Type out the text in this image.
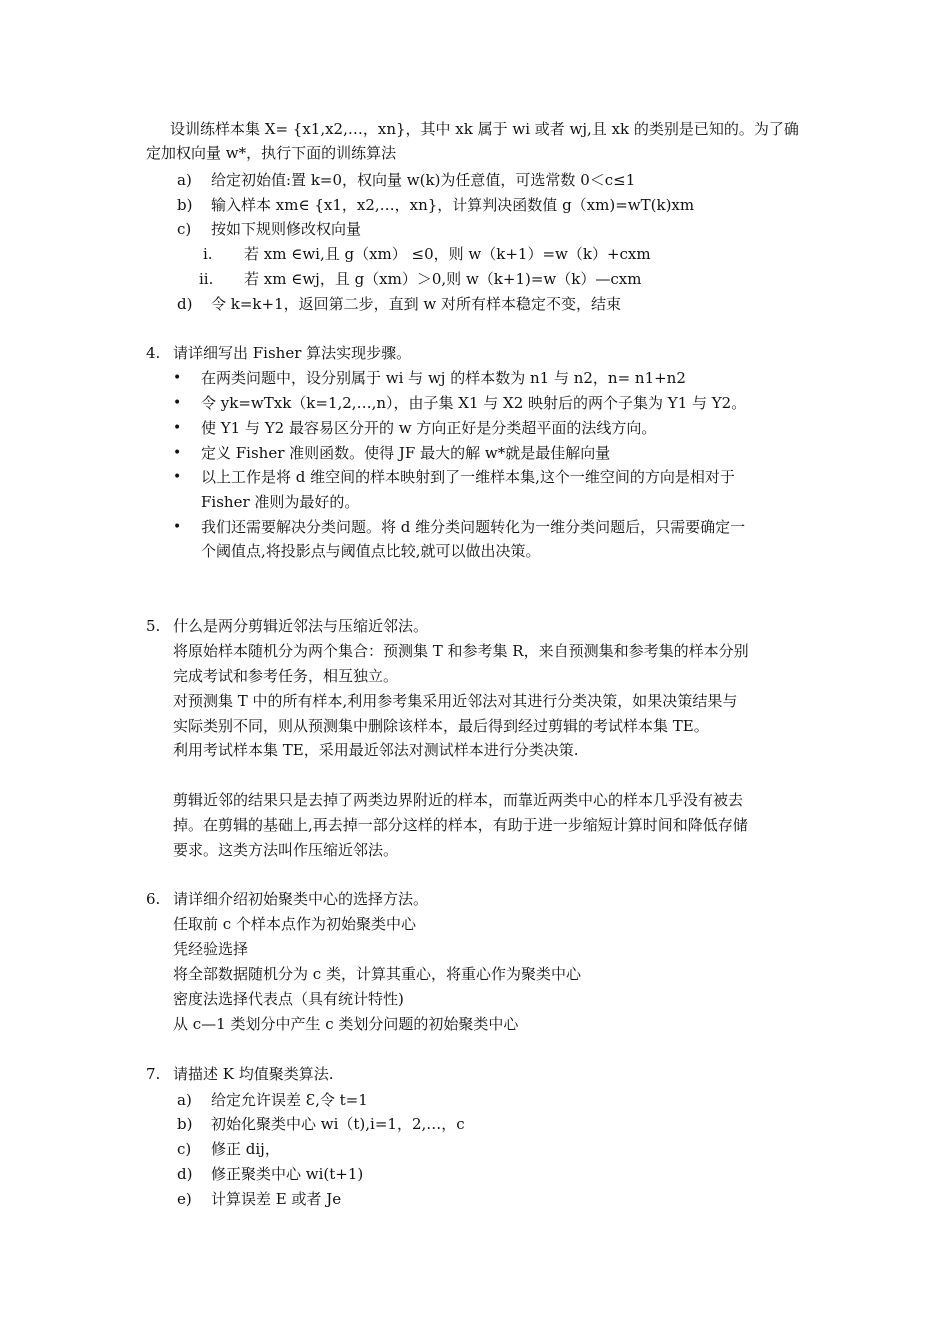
设训练样本集 X= {x1,x2,…，xn}，其中 xk 属于 wi 或者 wj,且 xk 的类别是已知的。为了确
定加权向量 w*，执行下面的训练算法
a) 给定初始值:置 k=0，权向量 w(k)为任意值，可选常数 0＜c≤1
b) 输入样本 xm∈ {x1，x2,…，xn}，计算判决函数值 g（xm)=wT(k)xm
c) 按如下规则修改权向量
i. 若 xm ∈wi,且 g（xm） ≤0，则 w（k+1）=w（k）+cxm
ii. 若 xm ∈wj，且 g（xm）＞0,则 w（k+1)=w（k）—cxm
d) 令 k=k+1，返回第二步，直到 w 对所有样本稳定不变，结束
4. 请详细写出 Fisher 算法实现步骤。
• 在两类问题中，设分别属于 wi 与 wj 的样本数为 n1 与 n2，n= n1+n2
• 令 yk=wTxk（k=1,2,…,n），由子集 X1 与 X2 映射后的两个子集为 Y1 与 Y2。
• 使 Y1 与 Y2 最容易区分开的 w 方向正好是分类超平面的法线方向。
• 定义 Fisher 准则函数。使得 JF 最大的解 w*就是最佳解向量
• 以上工作是将 d 维空间的样本映射到了一维样本集,这个一维空间的方向是相对于
Fisher 准则为最好的。
• 我们还需要解决分类问题。将 d 维分类问题转化为一维分类问题后，只需要确定一
个阈值点,将投影点与阈值点比较,就可以做出决策。
5. 什么是两分剪辑近邻法与压缩近邻法。
将原始样本随机分为两个集合：预测集 T 和参考集 R，来自预测集和参考集的样本分别
完成考试和参考任务，相互独立。
对预测集 T 中的所有样本,利用参考集采用近邻法对其进行分类决策，如果决策结果与
实际类别不同，则从预测集中删除该样本，最后得到经过剪辑的考试样本集 TE。
利用考试样本集 TE，采用最近邻法对测试样本进行分类决策.
剪辑近邻的结果只是去掉了两类边界附近的样本，而靠近两类中心的样本几乎没有被去
掉。在剪辑的基础上,再去掉一部分这样的样本，有助于进一步缩短计算时间和降低存储
要求。这类方法叫作压缩近邻法。
6. 请详细介绍初始聚类中心的选择方法。
任取前 c 个样本点作为初始聚类中心
凭经验选择
将全部数据随机分为 c 类，计算其重心，将重心作为聚类中心
密度法选择代表点（具有统计特性)
从 c—1 类划分中产生 c 类划分问题的初始聚类中心
7. 请描述 K 均值聚类算法.
a) 给定允许误差 Ɛ,令 t=1
b) 初始化聚类中心 wi（t),i=1，2,…，c
c) 修正 dij，
d) 修正聚类中心 wi(t+1)
e) 计算误差 E 或者 Je
